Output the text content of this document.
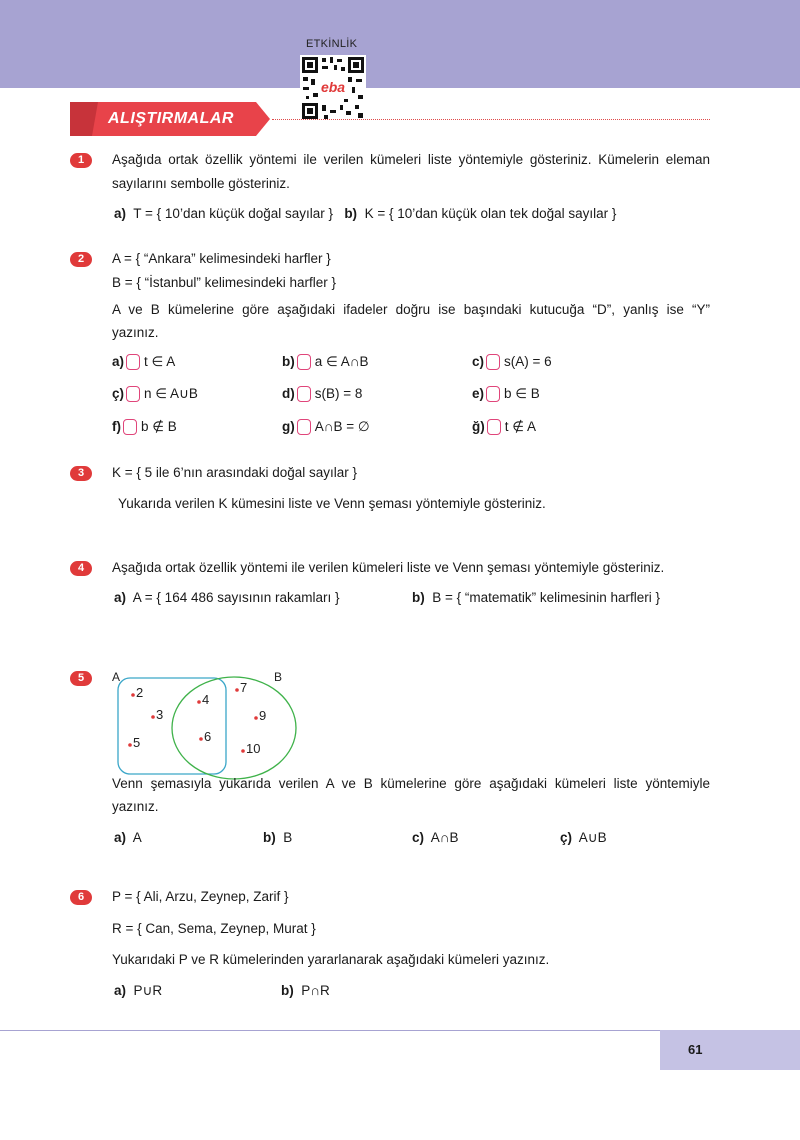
ETKİNLİK
eba
ALIŞTIRMALAR
1	Aşağıda ortak özellik yöntemi ile verilen kümeleri liste yöntemiyle gösteriniz. Kümelerin eleman
sayılarını sembolle gösteriniz.
a) T = { 10’dan küçük doğal sayılar } b) K = { 10’dan küçük olan tek doğal sayılar }
2	A = { “Ankara” kelimesindeki harfler }
B = { “İstanbul” kelimesindeki harfler }
A ve B kümelerine göre aşağıdaki ifadeler doğru ise başındaki kutucuğa “D”, yanlış ise “Y”
yazınız.
a) t ∈ A	b) a ∈ A∩B	c) s(A) = 6
ç) n ∈ A∪B	d) s(B) = 8	e) b ∈ B
f) b ∉ B	g) A∩B = ∅	ğ) t ∉ A
3	K = { 5 ile 6’nın arasındaki doğal sayılar }
Yukarıda verilen K kümesini liste ve Venn şeması yöntemiyle gösteriniz.
4	Aşağıda ortak özellik yöntemi ile verilen kümeleri liste ve Venn şeması yöntemiyle gösteriniz.
a) A = { 164 486 sayısının rakamları }	b) B = { “matematik” kelimesinin harfleri }
5	A	B
2
3
5
4
6
7
9
10
Venn şemasıyla yukarıda verilen A ve B kümelerine göre aşağıdaki kümeleri liste yöntemiyle
yazınız.
a) A	b) B	c) A∩B	ç) A∪B
6	P = { Ali, Arzu, Zeynep, Zarif }
R = { Can, Sema, Zeynep, Murat }
Yukarıdaki P ve R kümelerinden yararlanarak aşağıdaki kümeleri yazınız.
a) P∪R	b) P∩R
61
